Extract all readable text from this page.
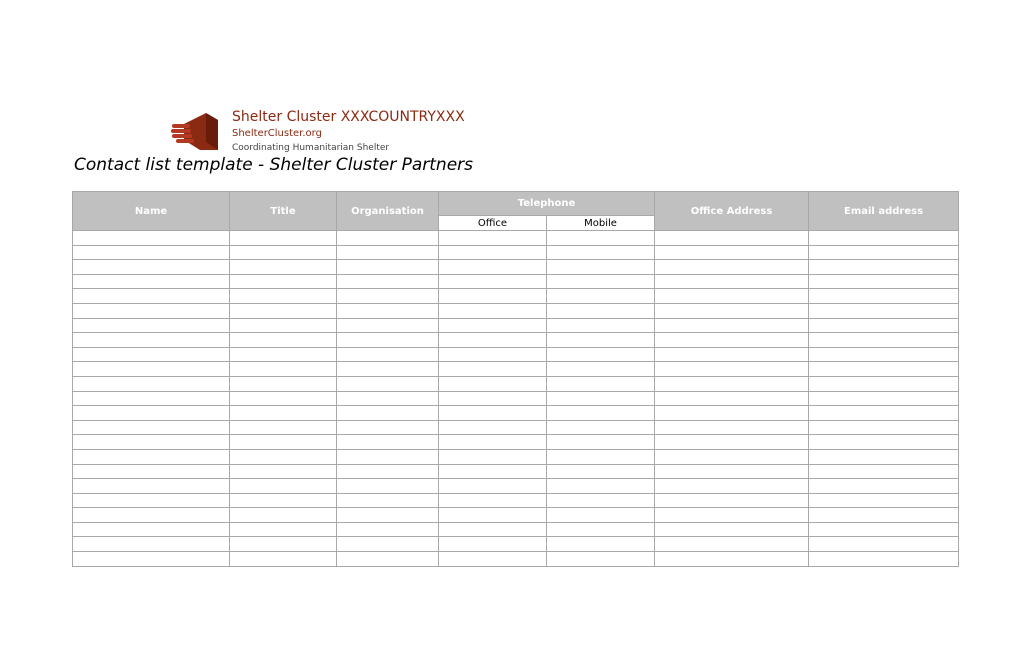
Shelter Cluster XXXCOUNTRYXXX
ShelterCluster.org
Coordinating Humanitarian Shelter
Contact list template - Shelter Cluster Partners
Name	Title	Organisation	Telephone		Office Address	Email address
			Office	Mobile		
